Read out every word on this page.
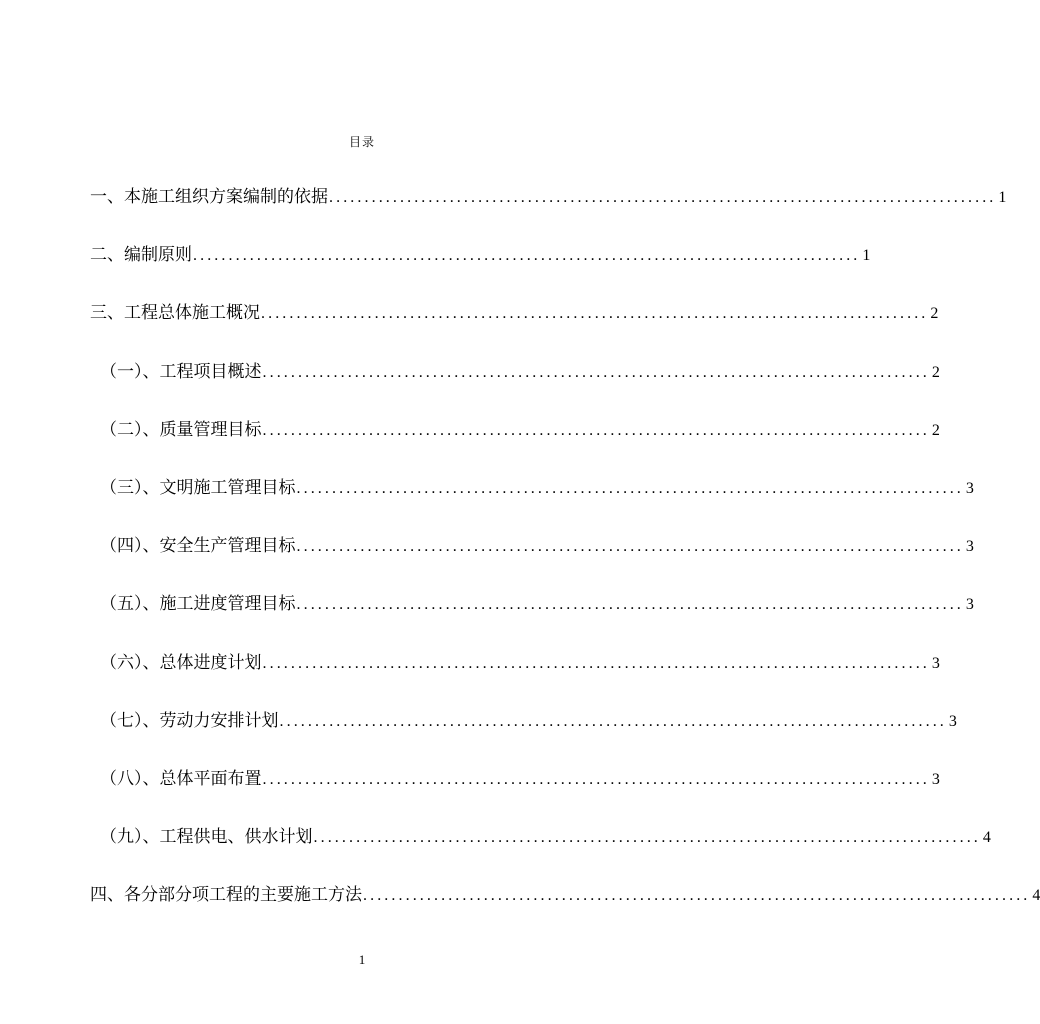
目录
一、本施工组织方案编制的依据 .............................................................................................. 1
二、编制原则 .............................................................................................. 1
三、工程总体施工概况 .............................................................................................. 2
（一）、工程项目概述 .............................................................................................. 2
（二）、质量管理目标 .............................................................................................. 2
（三）、文明施工管理目标 .............................................................................................. 3
（四）、安全生产管理目标 .............................................................................................. 3
（五）、施工进度管理目标 .............................................................................................. 3
（六）、总体进度计划 .............................................................................................. 3
（七）、劳动力安排计划 .............................................................................................. 3
（八）、总体平面布置 .............................................................................................. 3
（九）、工程供电、供水计划 .............................................................................................. 4
四、各分部分项工程的主要施工方法 .............................................................................................. 4
1
